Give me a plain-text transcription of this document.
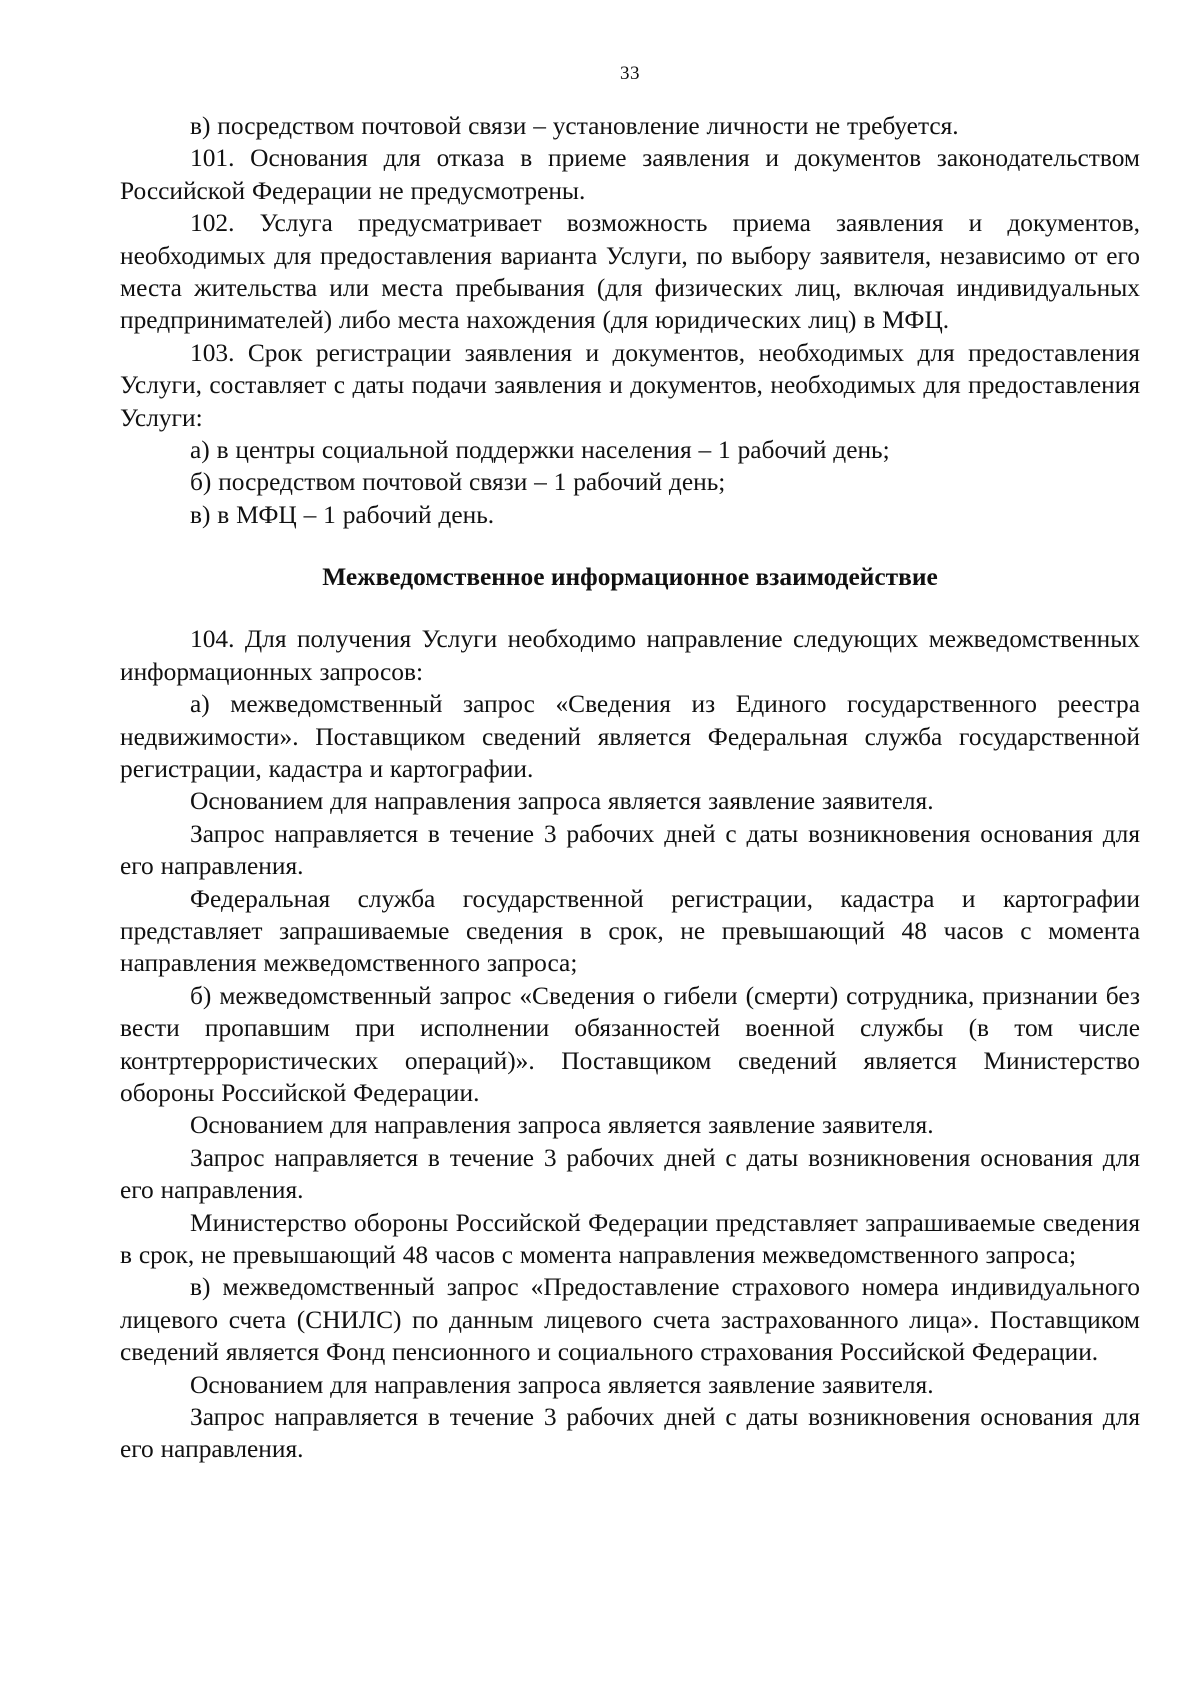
33

в) посредством почтовой связи – установление личности не требуется.

101. Основания для отказа в приеме заявления и документов законодательством Российской Федерации не предусмотрены.

102. Услуга предусматривает возможность приема заявления и документов, необходимых для предоставления варианта Услуги, по выбору заявителя, независимо от его места жительства или места пребывания (для физических лиц, включая индивидуальных предпринимателей) либо места нахождения (для юридических лиц) в МФЦ.

103. Срок регистрации заявления и документов, необходимых для предоставления Услуги, составляет с даты подачи заявления и документов, необходимых для предоставления Услуги:

а) в центры социальной поддержки населения – 1 рабочий день;

б) посредством почтовой связи – 1 рабочий день;

в) в МФЦ – 1 рабочий день.

Межведомственное информационное взаимодействие

104. Для получения Услуги необходимо направление следующих межведомственных информационных запросов:

а) межведомственный запрос «Сведения из Единого государственного реестра недвижимости». Поставщиком сведений является Федеральная служба государственной регистрации, кадастра и картографии.

Основанием для направления запроса является заявление заявителя.

Запрос направляется в течение 3 рабочих дней с даты возникновения основания для его направления.

Федеральная служба государственной регистрации, кадастра и картографии представляет запрашиваемые сведения в срок, не превышающий 48 часов с момента направления межведомственного запроса;

б) межведомственный запрос «Сведения о гибели (смерти) сотрудника, признании без вести пропавшим при исполнении обязанностей военной службы (в том числе контртеррористических операций)». Поставщиком сведений является Министерство обороны Российской Федерации.

Основанием для направления запроса является заявление заявителя.

Запрос направляется в течение 3 рабочих дней с даты возникновения основания для его направления.

Министерство обороны Российской Федерации представляет запрашиваемые сведения в срок, не превышающий 48 часов с момента направления межведомственного запроса;

в) межведомственный запрос «Предоставление страхового номера индивидуального лицевого счета (СНИЛС) по данным лицевого счета застрахованного лица». Поставщиком сведений является Фонд пенсионного и социального страхования Российской Федерации.

Основанием для направления запроса является заявление заявителя.

Запрос направляется в течение 3 рабочих дней с даты возникновения основания для его направления.
